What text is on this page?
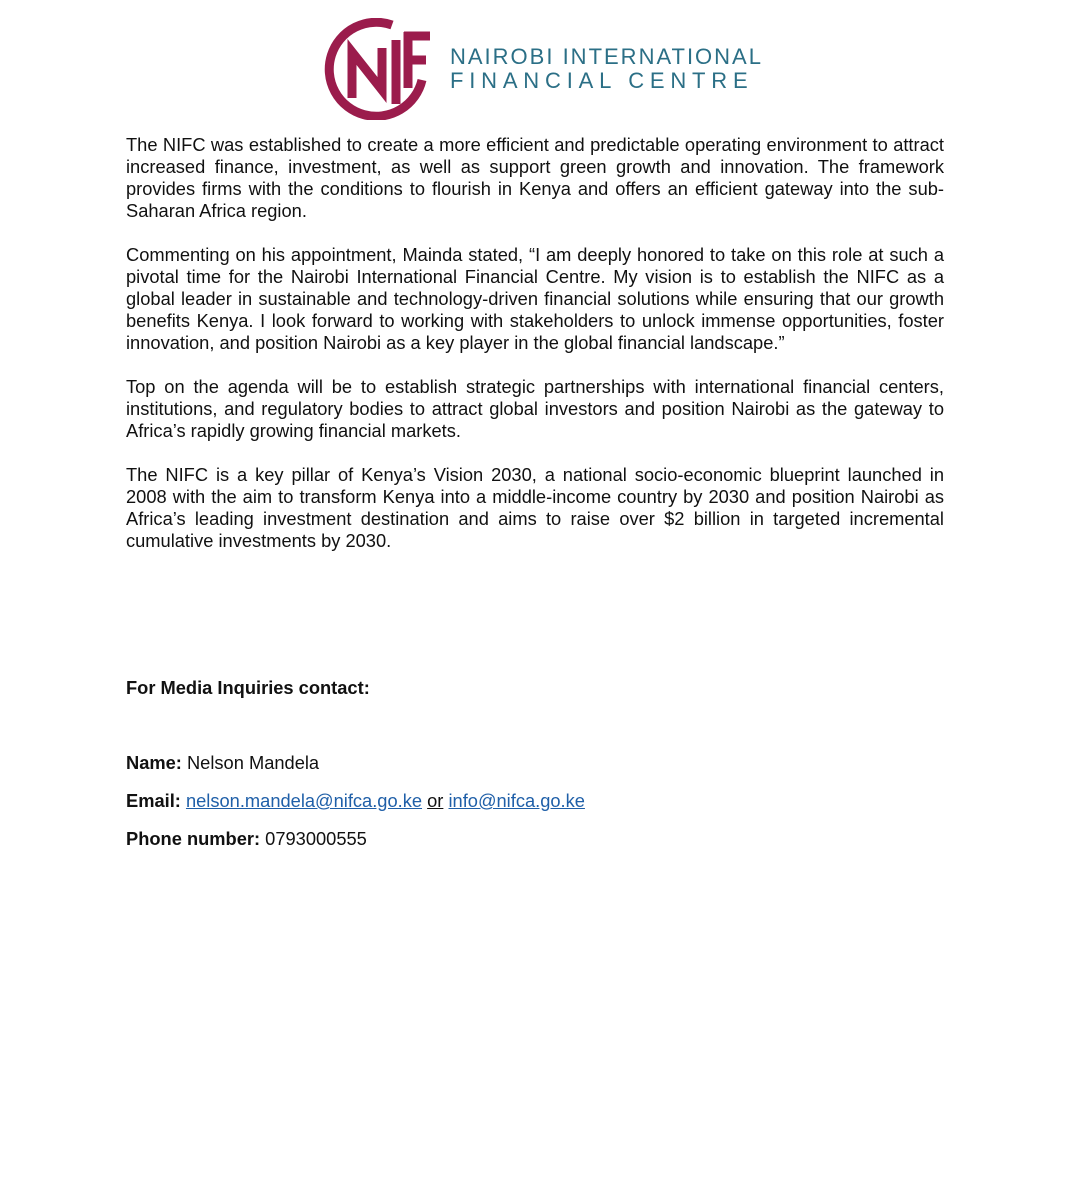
NAIROBI INTERNATIONAL
FINANCIAL CENTRE

The NIFC was established to create a more efficient and predictable operating environment to attract increased finance, investment, as well as support green growth and innovation. The framework provides firms with the conditions to flourish in Kenya and offers an efficient gateway into the sub-Saharan Africa region.

Commenting on his appointment, Mainda stated, “I am deeply honored to take on this role at such a pivotal time for the Nairobi International Financial Centre. My vision is to establish the NIFC as a global leader in sustainable and technology-driven financial solutions while ensuring that our growth benefits Kenya. I look forward to working with stakeholders to unlock immense opportunities, foster innovation, and position Nairobi as a key player in the global financial landscape.”

Top on the agenda will be to establish strategic partnerships with international financial centers, institutions, and regulatory bodies to attract global investors and position Nairobi as the gateway to Africa’s rapidly growing financial markets.

The NIFC is a key pillar of Kenya’s Vision 2030, a national socio-economic blueprint launched in 2008 with the aim to transform Kenya into a middle-income country by 2030 and position Nairobi as Africa’s leading investment destination and aims to raise over $2 billion in targeted incremental cumulative investments by 2030.

For Media Inquiries contact:

Name: Nelson Mandela

Email: nelson.mandela@nifca.go.ke or info@nifca.go.ke

Phone number: 0793000555
